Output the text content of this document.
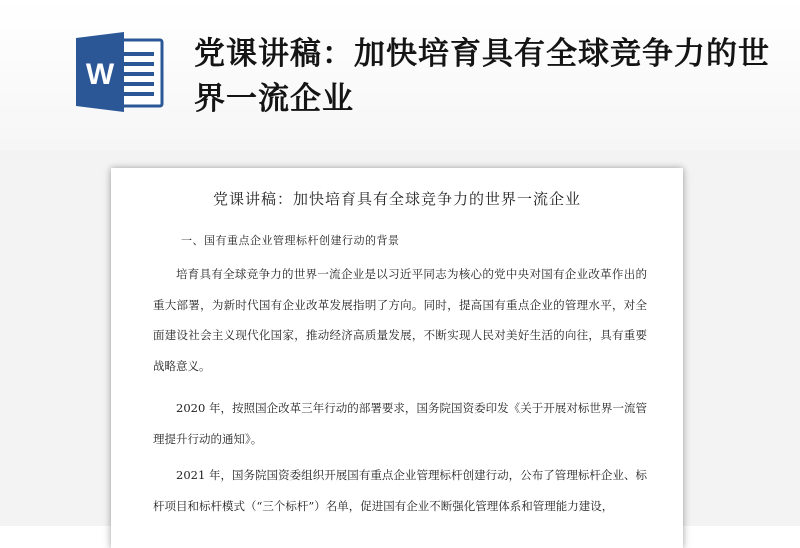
W
党课讲稿：加快培育具有全球竞争力的世界一流企业
党课讲稿：加快培育具有全球竞争力的世界一流企业

一、国有重点企业管理标杆创建行动的背景

培育具有全球竞争力的世界一流企业是以习近平同志为核心的党中央对国有企业改革作出的重大部署，为新时代国有企业改革发展指明了方向。同时，提高国有重点企业的管理水平，对全面建设社会主义现代化国家，推动经济高质量发展，不断实现人民对美好生活的向往，具有重要战略意义。

2020 年，按照国企改革三年行动的部署要求，国务院国资委印发《关于开展对标世界一流管理提升行动的通知》。

2021 年，国务院国资委组织开展国有重点企业管理标杆创建行动，公布了管理标杆企业、标杆项目和标杆模式（“三个标杆”）名单，促进国有企业不断强化管理体系和管理能力建设，
